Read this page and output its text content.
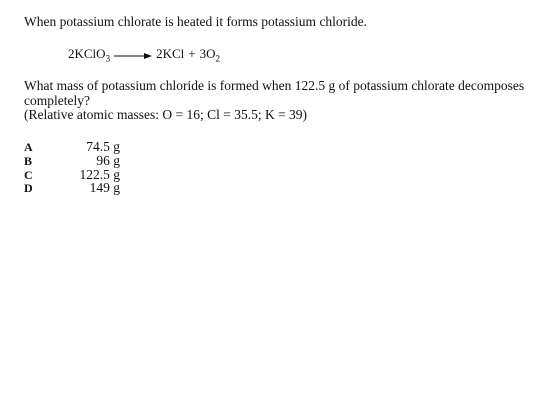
When potassium chlorate is heated it forms potassium chloride.
2KClO$_3$ → $2KCl + 3O_2$
What mass of potassium chloride is formed when 122.5 g of potassium chlorate decomposes
completely?
(Relative atomic masses: O = 16; Cl = 35.5; K = 39)
A	74.5 g
B	96 g
C	122.5 g
D	149 g
